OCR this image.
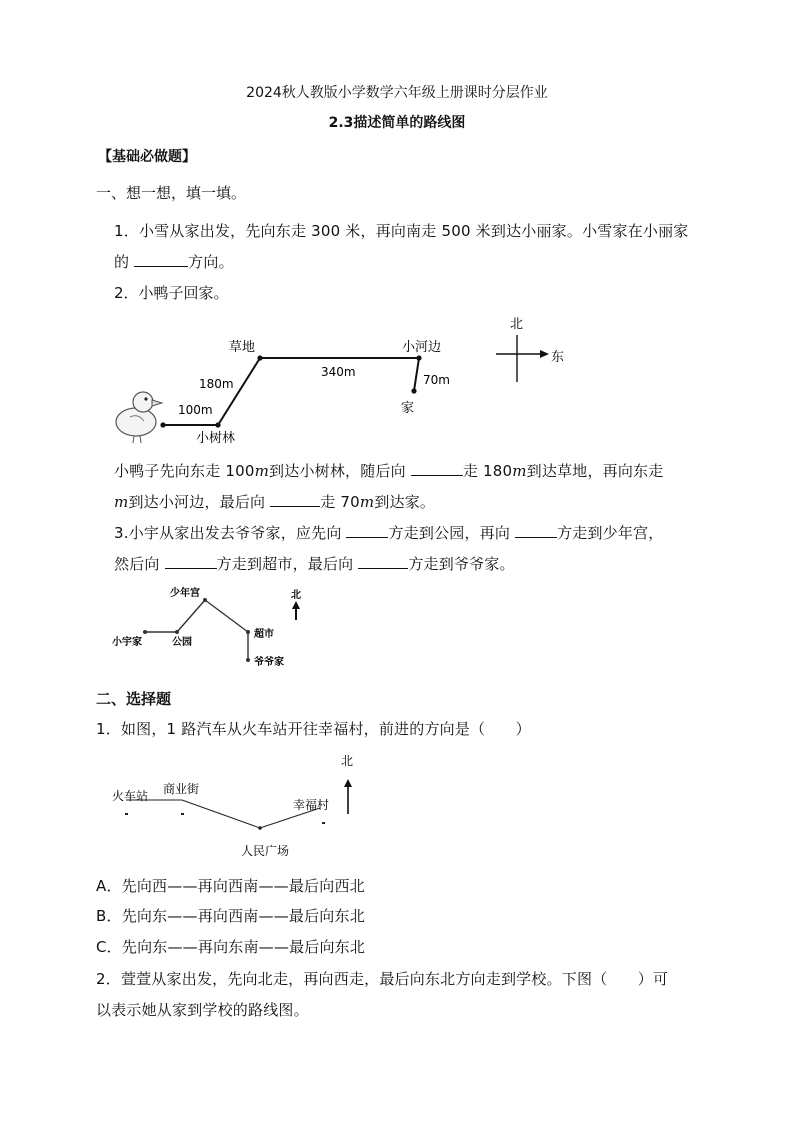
2024秋人教版小学数学六年级上册课时分层作业
2.3描述简单的路线图
【基础必做题】
一、想一想，填一填。
1．小雪从家出发，先向东走 300 米，再向南走 500 米到达小丽家。小雪家在小丽家
的	方向。
2．小鸭子回家。
草地	小河边
家
小树林
180m
340m
70m
100m
北
东
小鸭子先向东走 100m到达小树林，随后向	走 180m到达草地，再向东走
m到达小河边，最后向	走 70m到达家。
3.小宇从家出发去爷爷家，应先向	方走到公园，再向	方走到少年宫，
然后向	方走到超市，最后向	方走到爷爷家。
少年宫
小宇家	公园
超市
爷爷家
北
二、选择题
1．如图，1 路汽车从火车站开往幸福村，前进的方向是（　　）
火车站 商业街
幸福村
人民广场
北
A．先向西——再向西南——最后向西北
B．先向东——再向西南——最后向东北
C．先向东——再向东南——最后向东北
2．萱萱从家出发，先向北走，再向西走，最后向东北方向走到学校。下图（　　）可
以表示她从家到学校的路线图。
